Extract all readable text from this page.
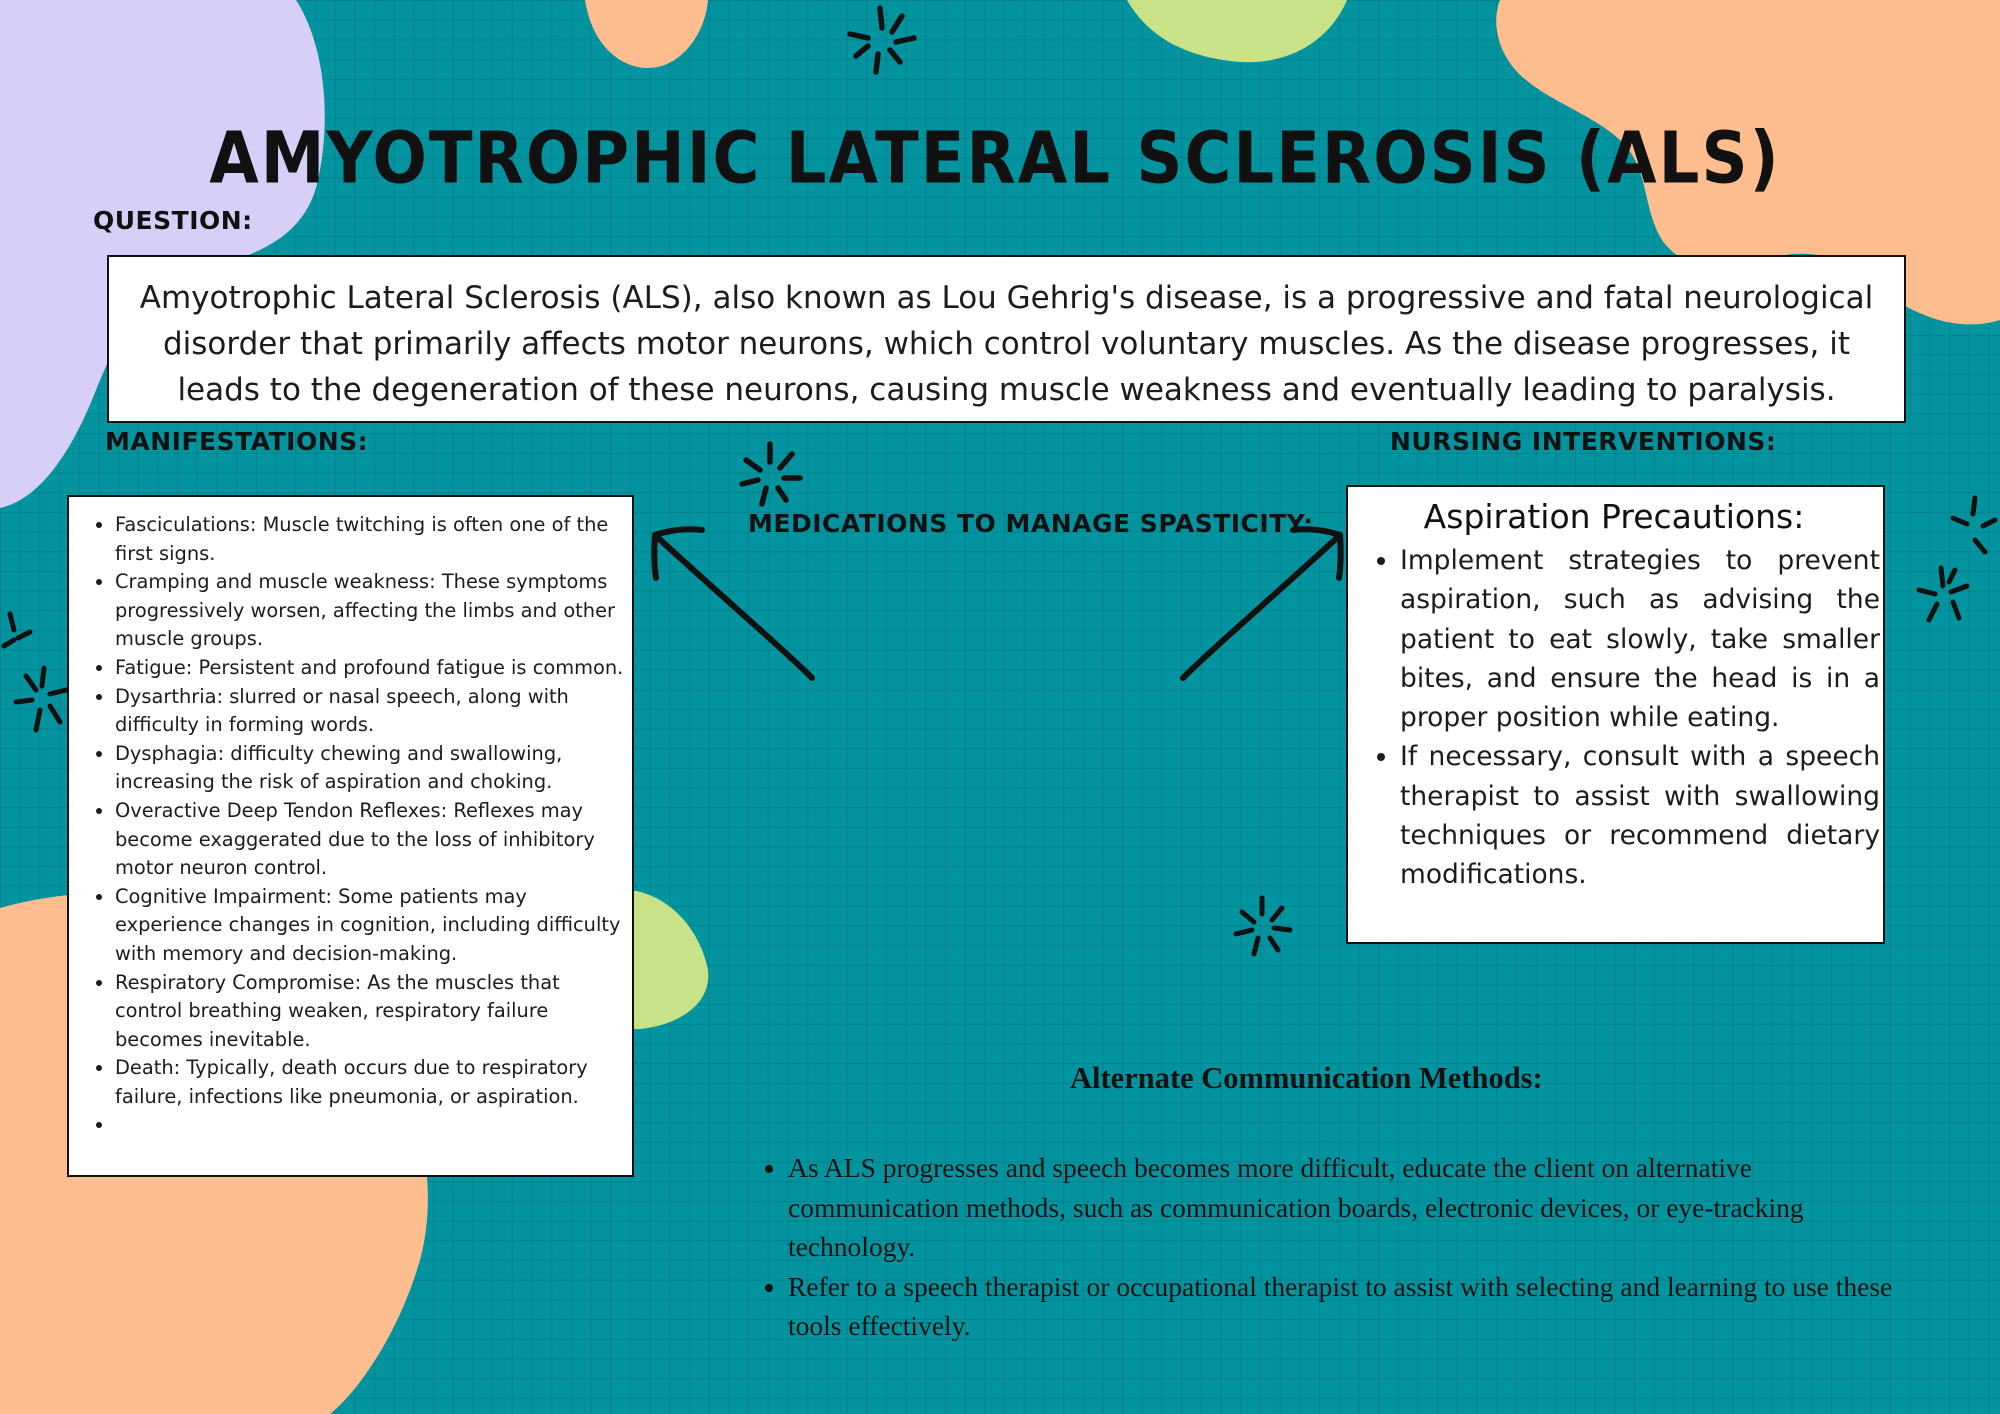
AMYOTROPHIC LATERAL SCLEROSIS (ALS)
QUESTION:
MANIFESTATIONS:	NURSING INTERVENTIONS:
MEDICATIONS TO MANAGE SPASTICITY:
Amyotrophic Lateral Sclerosis (ALS), also known as Lou Gehrig's disease, is a progressive and fatal neurological disorder that primarily affects motor neurons, which control voluntary muscles. As the disease progresses, it leads to the degeneration of these neurons, causing muscle weakness and eventually leading to paralysis.
• Fasciculations: Muscle twitching is often one of the first signs.
• Cramping and muscle weakness: These symptoms progressively worsen, affecting the limbs and other muscle groups.
• Fatigue: Persistent and profound fatigue is common.
• Dysarthria: slurred or nasal speech, along with difficulty in forming words.
• Dysphagia: difficulty chewing and swallowing, increasing the risk of aspiration and choking.
• Overactive Deep Tendon Reflexes: Reflexes may become exaggerated due to the loss of inhibitory motor neuron control.
• Cognitive Impairment: Some patients may experience changes in cognition, including difficulty with memory and decision-making.
• Respiratory Compromise: As the muscles that control breathing weaken, respiratory failure becomes inevitable.
• Death: Typically, death occurs due to respiratory failure, infections like pneumonia, or aspiration.
•
Aspiration Precautions:
• Implement strategies to prevent aspiration, such as advising the patient to eat slowly, take smaller bites, and ensure the head is in a proper position while eating.
• If necessary, consult with a speech therapist to assist with swallowing techniques or recommend dietary modifications.
Alternate Communication Methods:
• As ALS progresses and speech becomes more difficult, educate the client on alternative communication methods, such as communication boards, electronic devices, or eye-tracking technology.
• Refer to a speech therapist or occupational therapist to assist with selecting and learning to use these tools effectively.
